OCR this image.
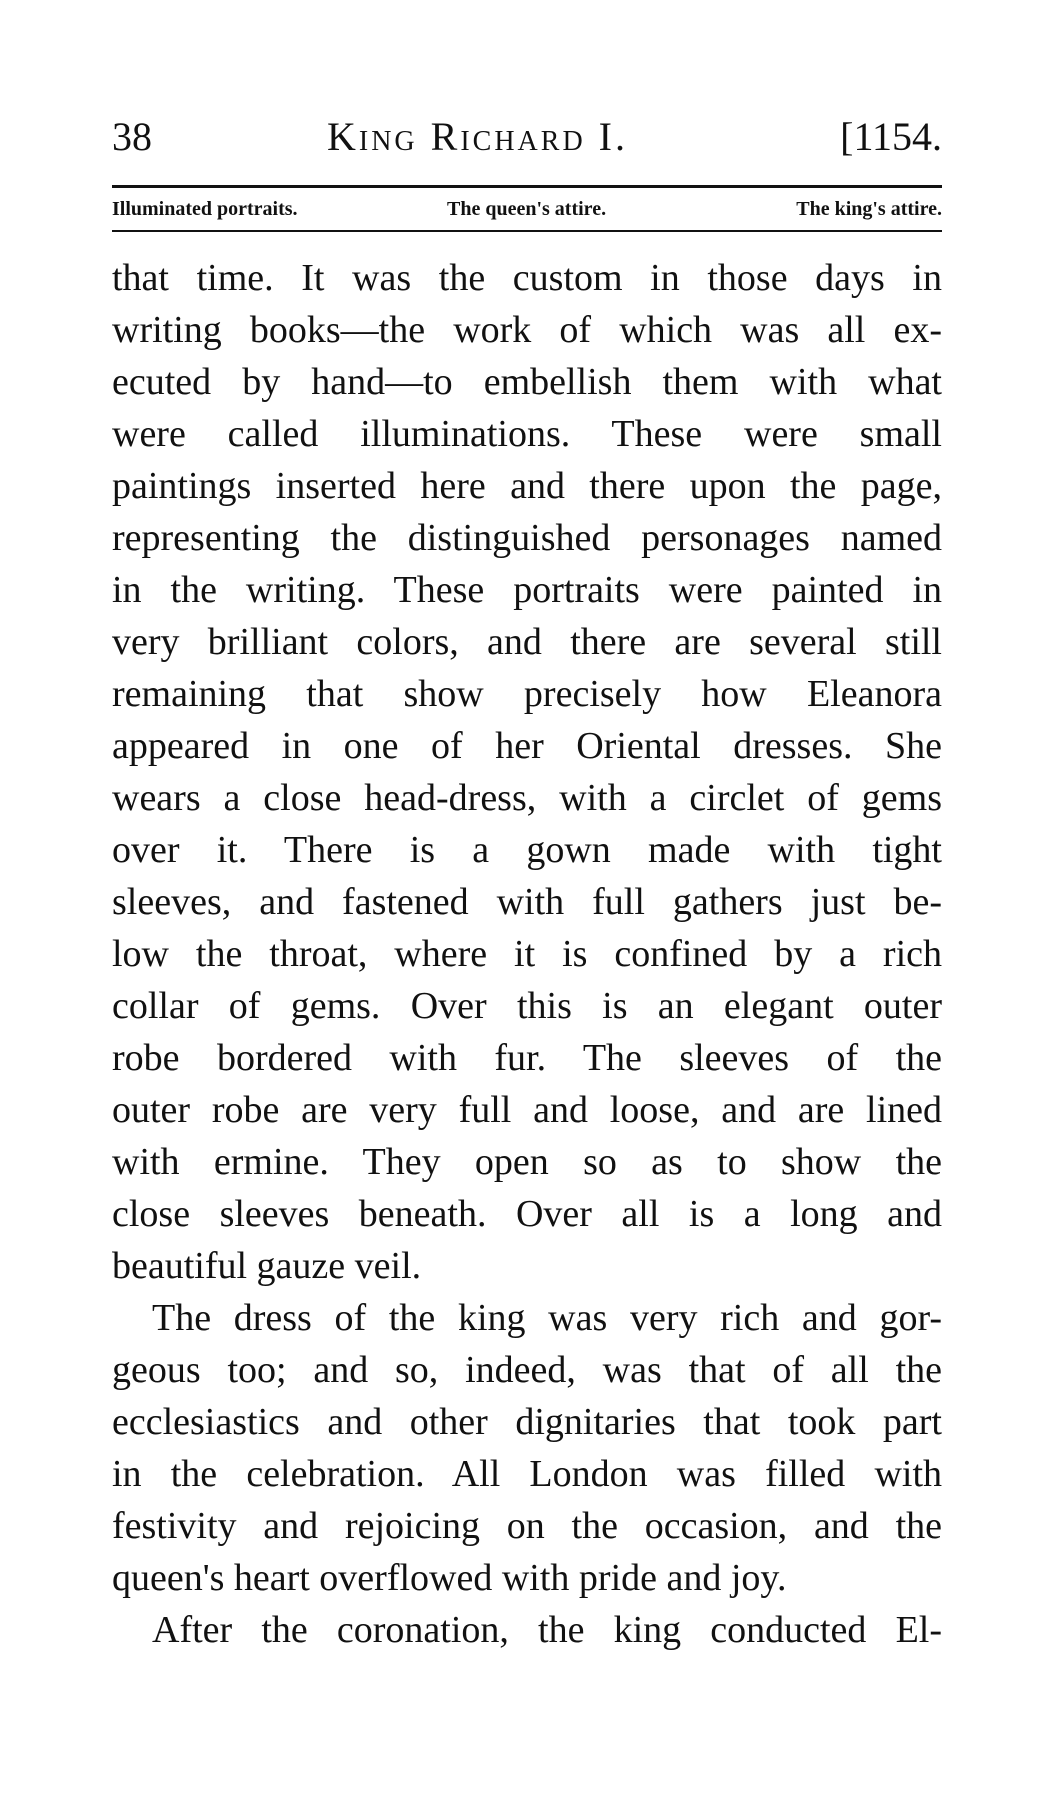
38	King Richard I.	[1154.
Illuminated portraits.	The queen's attire.	The king's attire.
that time. It was the custom in those days in
writing books—the work of which was all ex-
ecuted by hand—to embellish them with what
were called illuminations. These were small
paintings inserted here and there upon the page,
representing the distinguished personages named
in the writing. These portraits were painted in
very brilliant colors, and there are several still
remaining that show precisely how Eleanora
appeared in one of her Oriental dresses. She
wears a close head-dress, with a circlet of gems
over it. There is a gown made with tight
sleeves, and fastened with full gathers just be-
low the throat, where it is confined by a rich
collar of gems. Over this is an elegant outer
robe bordered with fur. The sleeves of the
outer robe are very full and loose, and are lined
with ermine. They open so as to show the
close sleeves beneath. Over all is a long and
beautiful gauze veil.
The dress of the king was very rich and gor-
geous too; and so, indeed, was that of all the
ecclesiastics and other dignitaries that took part
in the celebration. All London was filled with
festivity and rejoicing on the occasion, and the
queen's heart overflowed with pride and joy.
After the coronation, the king conducted El-
